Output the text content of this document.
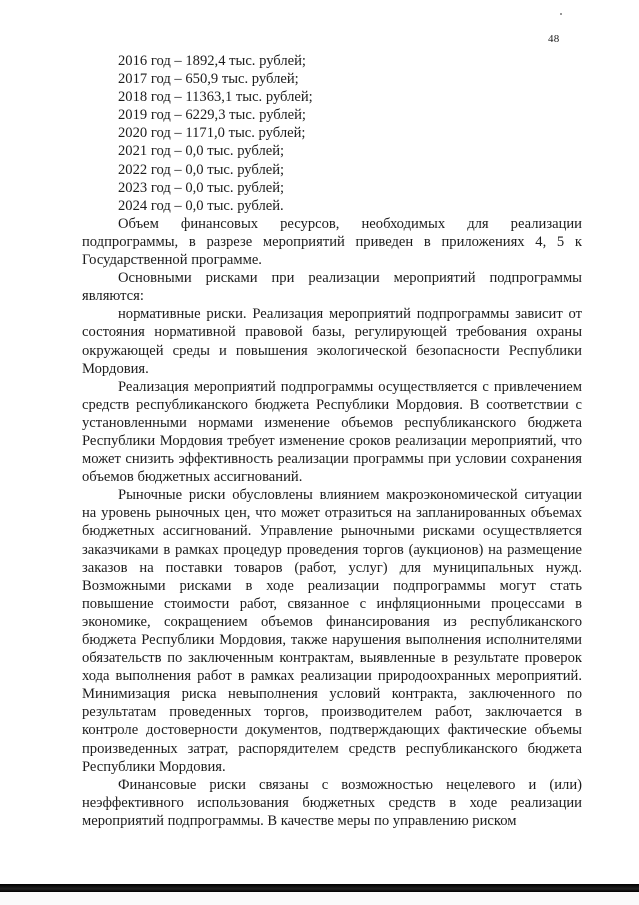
48
2016 год – 1892,4 тыс. рублей;
2017 год – 650,9 тыс. рублей;
2018 год – 11363,1 тыс. рублей;
2019 год – 6229,3 тыс. рублей;
2020 год – 1171,0 тыс. рублей;
2021 год – 0,0 тыс. рублей;
2022 год – 0,0 тыс. рублей;
2023 год – 0,0 тыс. рублей;
2024 год – 0,0 тыс. рублей.

Объем финансовых ресурсов, необходимых для реализации подпрограммы, в разрезе мероприятий приведен в приложениях 4, 5 к Государственной программе.

Основными рисками при реализации мероприятий подпрограммы являются:

нормативные риски. Реализация мероприятий подпрограммы зависит от состояния нормативной правовой базы, регулирующей требования охраны окружающей среды и повышения экологической безопасности Республики Мордовия.

Реализация мероприятий подпрограммы осуществляется с привлечением средств республиканского бюджета Республики Мордовия. В соответствии с установленными нормами изменение объемов республиканского бюджета Республики Мордовия требует изменение сроков реализации мероприятий, что может снизить эффективность реализации программы при условии сохранения объемов бюджетных ассигнований.

Рыночные риски обусловлены влиянием макроэкономической ситуации на уровень рыночных цен, что может отразиться на запланированных объемах бюджетных ассигнований. Управление рыночными рисками осуществляется заказчиками в рамках процедур проведения торгов (аукционов) на размещение заказов на поставки товаров (работ, услуг) для муниципальных нужд. Возможными рисками в ходе реализации подпрограммы могут стать повышение стоимости работ, связанное с инфляционными процессами в экономике, сокращением объемов финансирования из республиканского бюджета Республики Мордовия, также нарушения выполнения исполнителями обязательств по заключенным контрактам, выявленные в результате проверок хода выполнения работ в рамках реализации природоохранных мероприятий. Минимизация риска невыполнения условий контракта, заключенного по результатам проведенных торгов, производителем работ, заключается в контроле достоверности документов, подтверждающих фактические объемы произведенных затрат, распорядителем средств республиканского бюджета Республики Мордовия.

Финансовые риски связаны с возможностью нецелевого и (или) неэффективного использования бюджетных средств в ходе реализации мероприятий подпрограммы. В качестве меры по управлению риском
